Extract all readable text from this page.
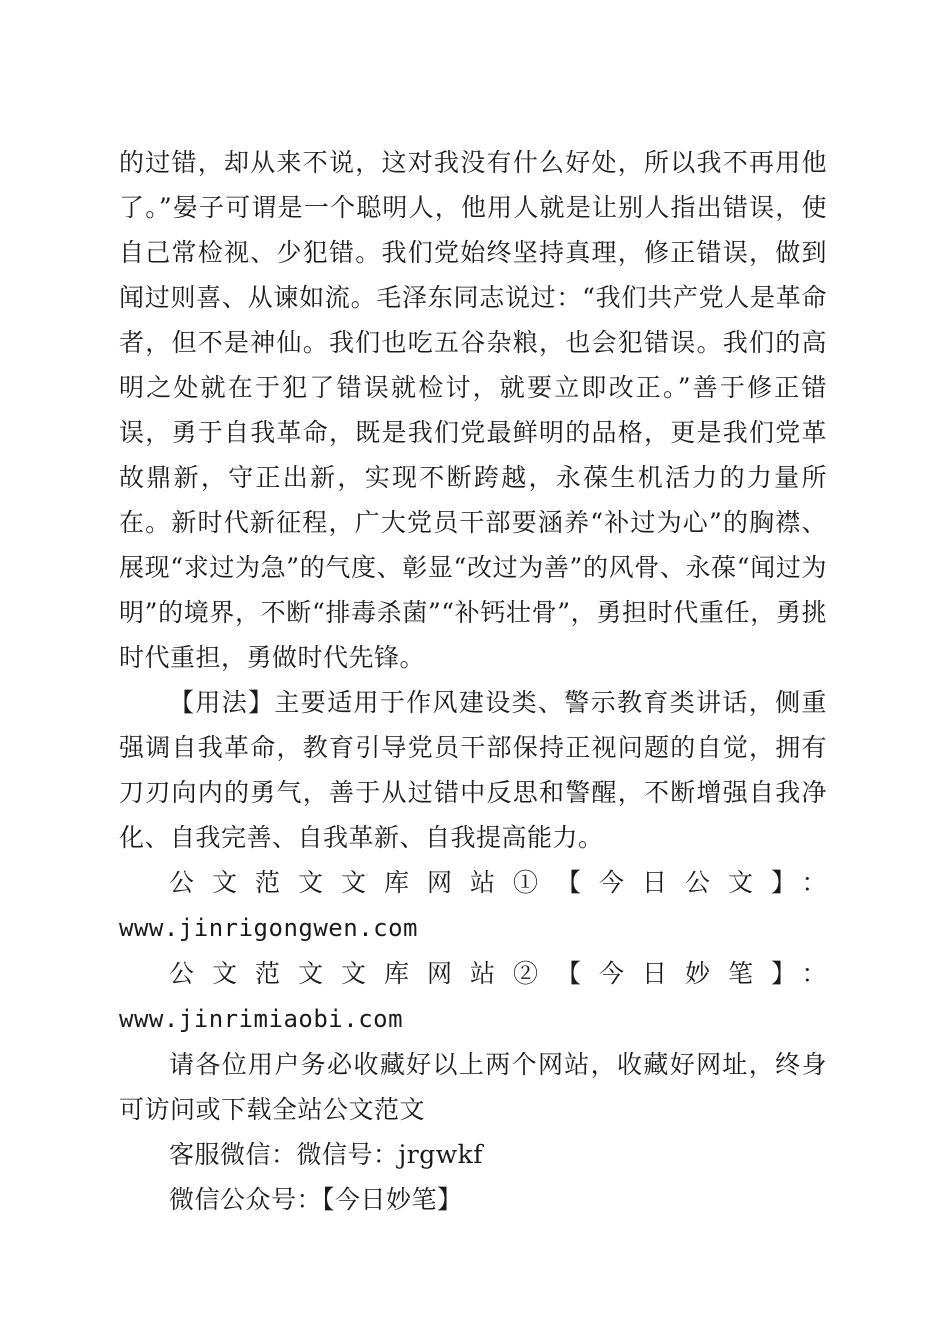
的过错，却从来不说，这对我没有什么好处，所以我不再用他了。”晏子可谓是一个聪明人，他用人就是让别人指出错误，使自己常检视、少犯错。我们党始终坚持真理，修正错误，做到闻过则喜、从谏如流。毛泽东同志说过：“我们共产党人是革命者，但不是神仙。我们也吃五谷杂粮，也会犯错误。我们的高明之处就在于犯了错误就检讨，就要立即改正。”善于修正错误，勇于自我革命，既是我们党最鲜明的品格，更是我们党革故鼎新，守正出新，实现不断跨越，永葆生机活力的力量所在。新时代新征程，广大党员干部要涵养“补过为心”的胸襟、展现“求过为急”的气度、彰显“改过为善”的风骨、永葆“闻过为明”的境界，不断“排毒杀菌”“补钙壮骨”，勇担时代重任，勇挑时代重担，勇做时代先锋。

【用法】主要适用于作风建设类、警示教育类讲话，侧重强调自我革命，教育引导党员干部保持正视问题的自觉，拥有刀刃向内的勇气，善于从过错中反思和警醒，不断增强自我净化、自我完善、自我革新、自我提高能力。

公文范文文库网站①【今日公文】：

www.jinrigongwen.com

公文范文文库网站②【今日妙笔】：www.jinrimiaobi.com

请各位用户务必收藏好以上两个网站，收藏好网址，终身可访问或下载全站公文范文

客服微信：微信号：jrgwkf

微信公众号：【今日妙笔】
